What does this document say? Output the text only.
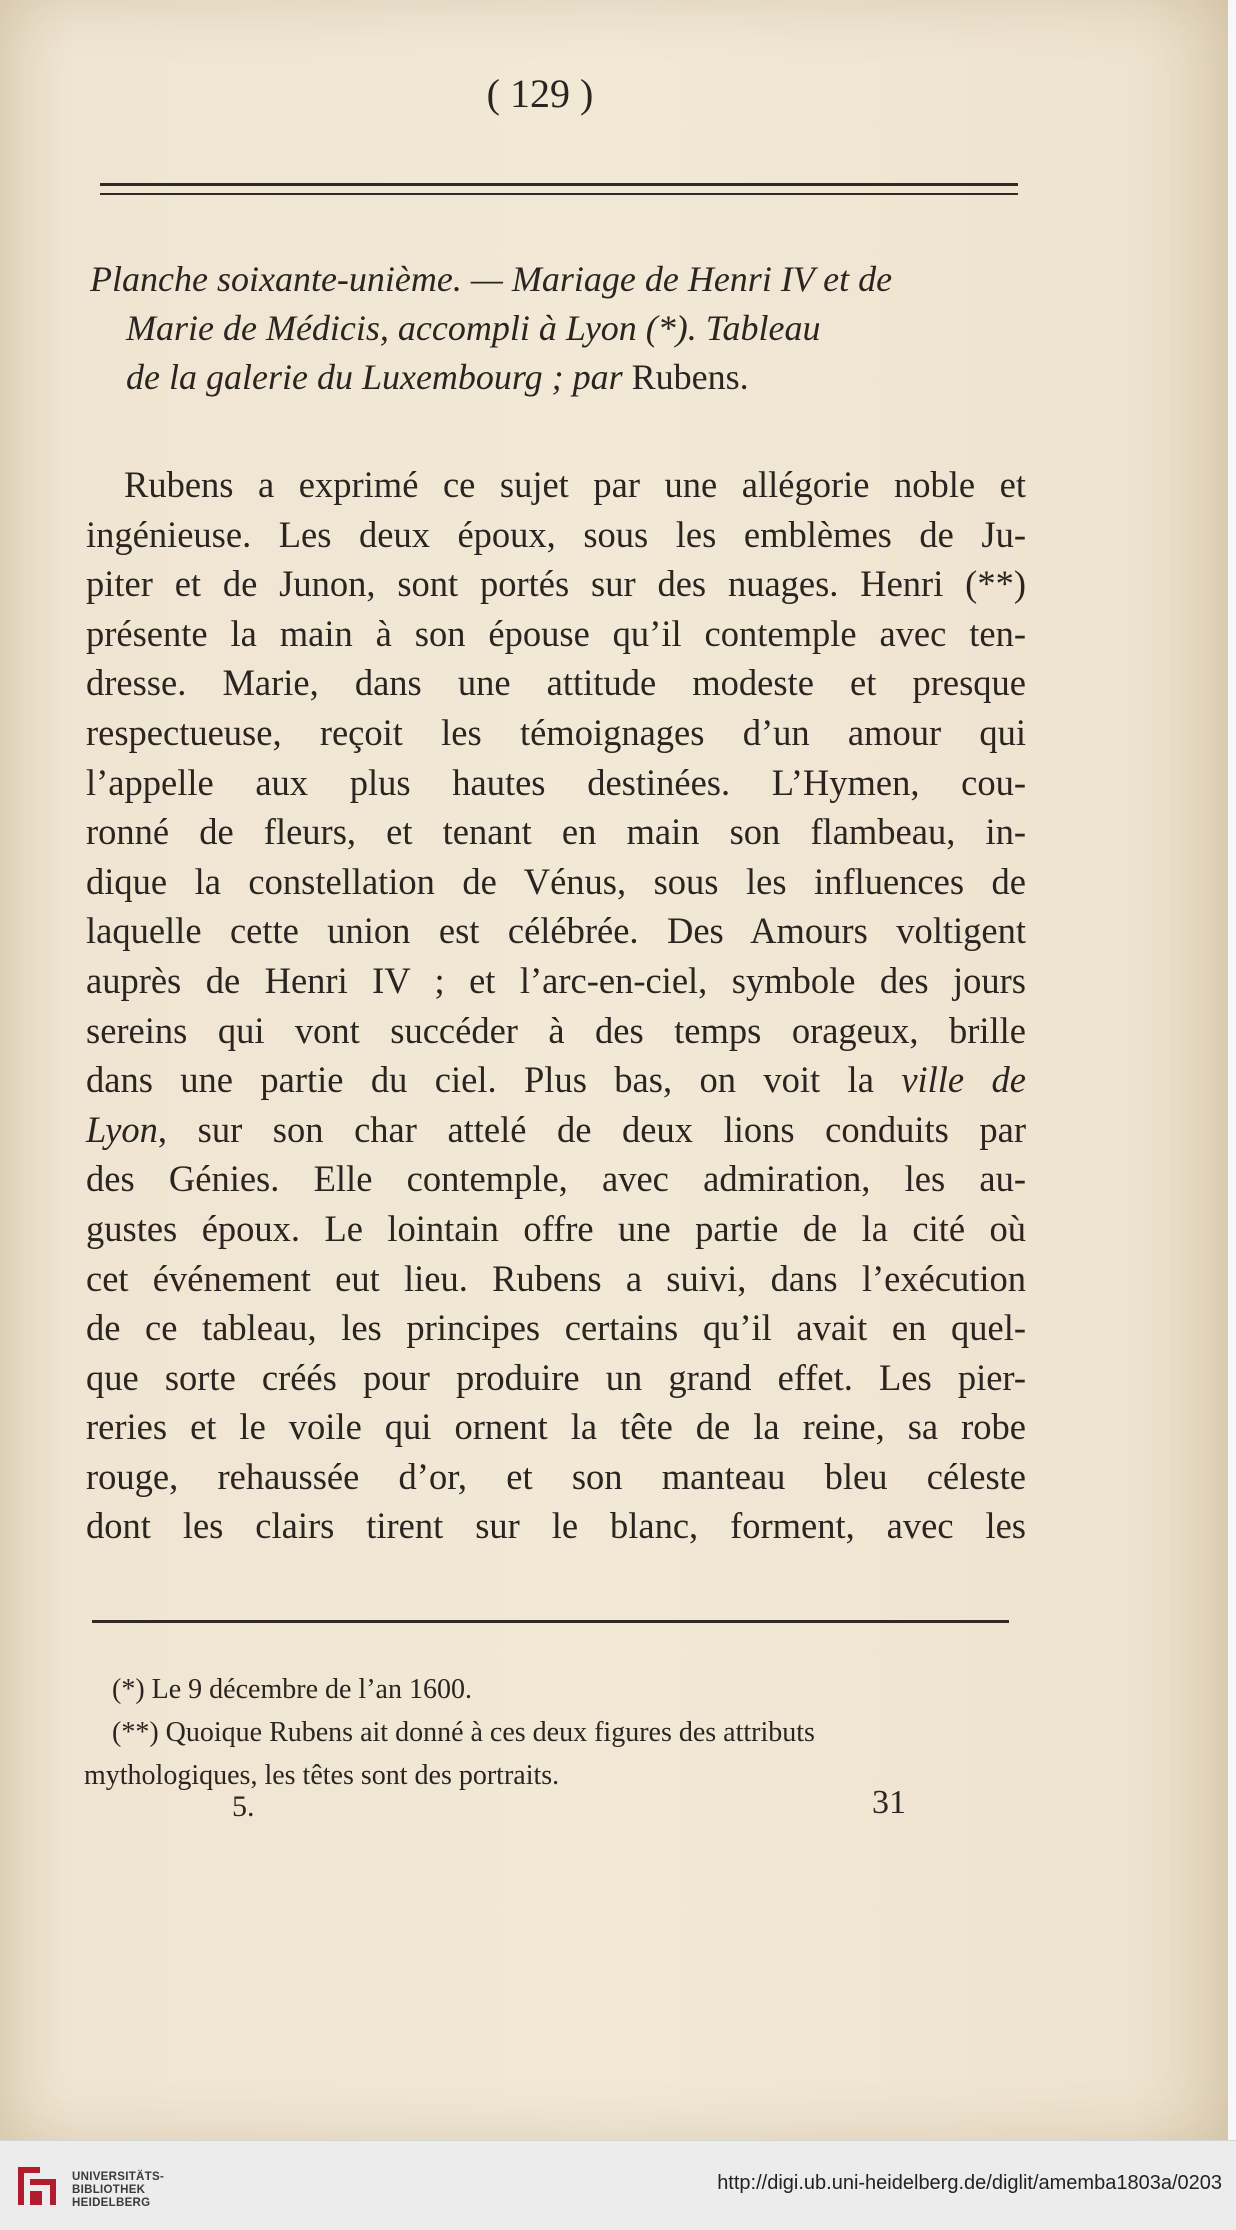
( 129 )
Planche soixante-unième. — Mariage de Henri IV et de
Marie de Médicis, accompli à Lyon (*). Tableau
de la galerie du Luxembourg ; par Rubens.
Rubens a exprimé ce sujet par une allégorie noble et
ingénieuse. Les deux époux, sous les emblèmes de Ju-
piter et de Junon, sont portés sur des nuages. Henri (**)
présente la main à son épouse qu’il contemple avec ten-
dresse. Marie, dans une attitude modeste et presque
respectueuse, reçoit les témoignages d’un amour qui
l’appelle aux plus hautes destinées. L’Hymen, cou-
ronné de fleurs, et tenant en main son flambeau, in-
dique la constellation de Vénus, sous les influences de
laquelle cette union est célébrée. Des Amours voltigent
auprès de Henri IV ; et l’arc-en-ciel, symbole des jours
sereins qui vont succéder à des temps orageux, brille
dans une partie du ciel. Plus bas, on voit la ville de
Lyon, sur son char attelé de deux lions conduits par
des Génies. Elle contemple, avec admiration, les au-
gustes époux. Le lointain offre une partie de la cité où
cet événement eut lieu. Rubens a suivi, dans l’exécution
de ce tableau, les principes certains qu’il avait en quel-
que sorte créés pour produire un grand effet. Les pier-
reries et le voile qui ornent la tête de la reine, sa robe
rouge, rehaussée d’or, et son manteau bleu céleste
dont les clairs tirent sur le blanc, forment, avec les
(*) Le 9 décembre de l’an 1600.
(**) Quoique Rubens ait donné à ces deux figures des attributs
mythologiques, les têtes sont des portraits.
5.	31
UNIVERSITÄTS-
BIBLIOTHEK
HEIDELBERG
http://digi.ub.uni-heidelberg.de/diglit/amemba1803a/0203
